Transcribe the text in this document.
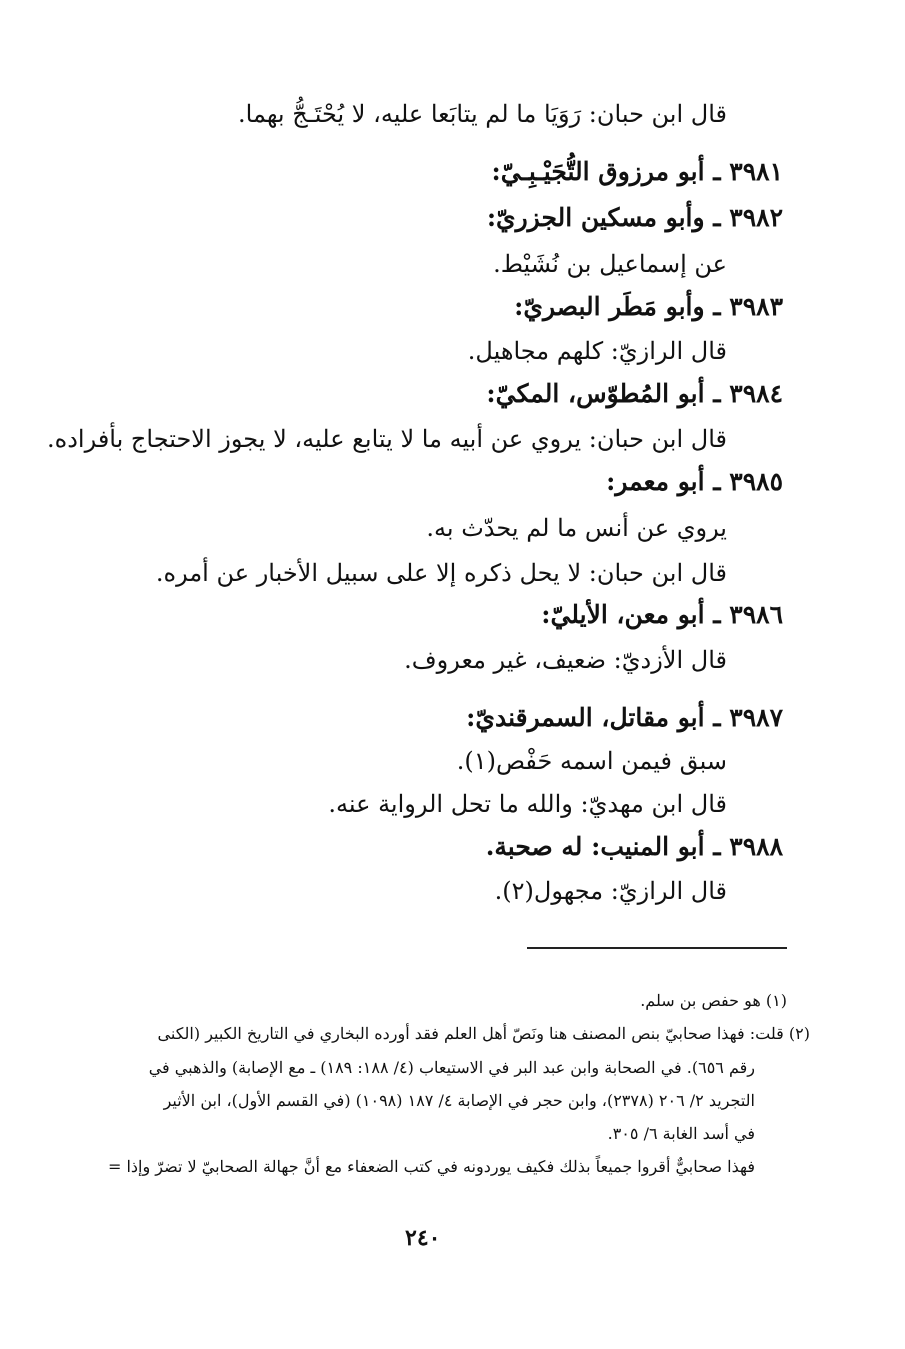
قال ابن حبان: رَوَيَا ما لم يتابَعا عليه، لا يُحْتَـجُّ بهما.
٣٩٨١ ـ أبو مرزوق التُّجَيْـبِـيّ:
٣٩٨٢ ـ وأبو مسكين الجزريّ:
عن إسماعيل بن نُشَيْط.
٣٩٨٣ ـ وأبو مَطَر البصريّ:
قال الرازيّ: كلهم مجاهيل.
٣٩٨٤ ـ أبو المُطوّس، المكيّ:
قال ابن حبان: يروي عن أبيه ما لا يتابع عليه، لا يجوز الاحتجاج بأفراده.
٣٩٨٥ ـ أبو معمر:
يروي عن أنس ما لم يحدّث به.
قال ابن حبان: لا يحل ذكره إلا على سبيل الأخبار عن أمره.
٣٩٨٦ ـ أبو معن، الأيليّ:
قال الأزديّ: ضعيف، غير معروف.
٣٩٨٧ ـ أبو مقاتل، السمرقنديّ:
سبق فيمن اسمه حَفْص(١).
قال ابن مهديّ: والله ما تحل الرواية عنه.
٣٩٨٨ ـ أبو المنيب: له صحبة.
قال الرازيّ: مجهول(٢).
(١) هو حفص بن سلم.
(٢) قلت: فهذا صحابيّ بنص المصنف هنا ونَصّ أهل العلم فقد أورده البخاري في التاريخ الكبير (الكنى
رقم ٦٥٦). في الصحابة وابن عبد البر في الاستيعاب (٤/ ١٨٨: ١٨٩) ـ مع الإصابة) والذهبي في
التجريد ٢/ ٢٠٦ (٢٣٧٨)، وابن حجر في الإصابة ٤/ ١٨٧ (١٠٩٨) (في القسم الأول)، ابن الأثير
في أسد الغابة ٦/ ٣٠٥.
فهذا صحابيٌّ أقروا جميعاً بذلك فكيف يوردونه في كتب الضعفاء مع أنَّ جهالة الصحابيّ لا تضرّ وإذا =
٢٤٠
